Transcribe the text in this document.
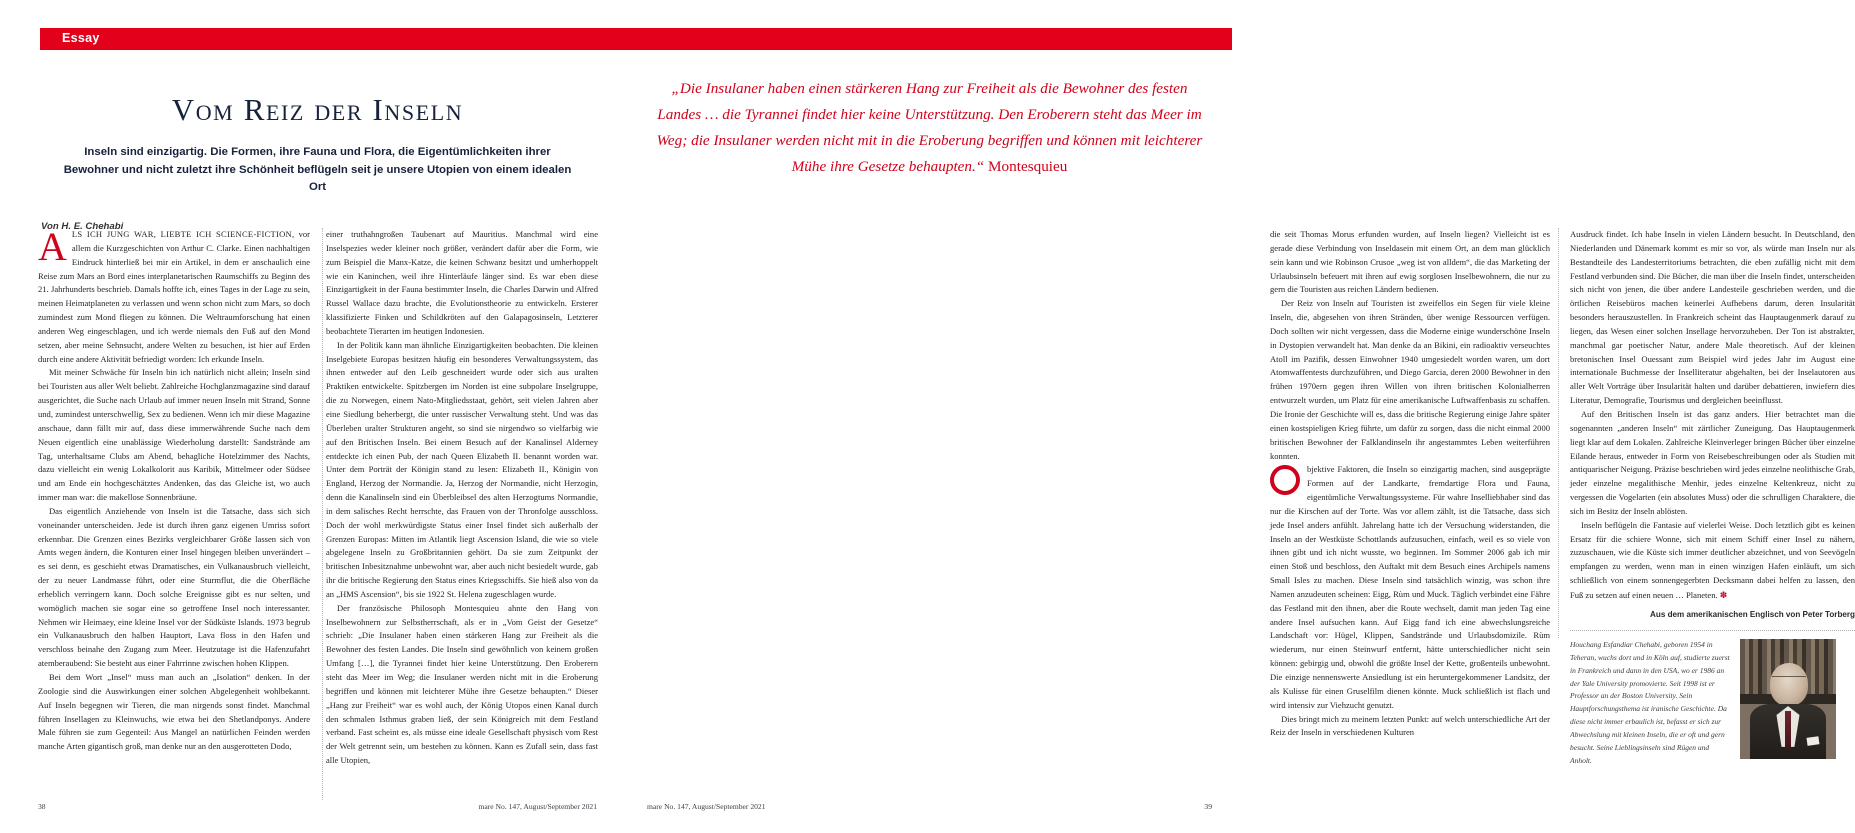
Essay
Vom Reiz der Inseln
Inseln sind einzigartig. Die Formen, ihre Fauna und Flora, die Eigentümlichkeiten ihrer Bewohner und nicht zuletzt ihre Schönheit beflügeln seit je unsere Utopien von einem idealen Ort
Von H. E. Chehabi

ALS ICH JUNG WAR, LIEBTE ICH SCIENCE-FICTION, vor allem die Kurzgeschichten von Arthur C. Clarke. Einen nachhaltigen Eindruck hinterließ bei mir ein Artikel, in dem er anschaulich eine Reise zum Mars an Bord eines interplanetarischen Raumschiffs zu Beginn des 21. Jahrhunderts beschrieb. Damals hoffte ich, eines Tages in der Lage zu sein, meinen Heimatplaneten zu verlassen und wenn schon nicht zum Mars, so doch zumindest zum Mond fliegen zu können. Die Weltraumforschung hat einen anderen Weg eingeschlagen, und ich werde niemals den Fuß auf den Mond setzen, aber meine Sehnsucht, andere Welten zu besuchen, ist hier auf Erden durch eine andere Aktivität befriedigt worden: Ich erkunde Inseln.

Mit meiner Schwäche für Inseln bin ich natürlich nicht allein; Inseln sind bei Touristen aus aller Welt beliebt. Zahlreiche Hochglanzmagazine sind darauf ausgerichtet, die Suche nach Urlaub auf immer neuen Inseln mit Strand, Sonne und, zumindest unterschwellig, Sex zu bedienen. Wenn ich mir diese Magazine anschaue, dann fällt mir auf, dass diese immerwährende Suche nach dem Neuen eigentlich eine unablässige Wiederholung darstellt: Sandstrände am Tag, unterhaltsame Clubs am Abend, behagliche Hotelzimmer des Nachts, dazu vielleicht ein wenig Lokalkolorit aus Karibik, Mittelmeer oder Südsee und am Ende ein hochgeschätztes Andenken, das das Gleiche ist, wo auch immer man war: die makellose Sonnenbräune.

Das eigentlich Anziehende von Inseln ist die Tatsache, dass sich sich voneinander unterscheiden. Jede ist durch ihren ganz eigenen Umriss sofort erkennbar. Die Grenzen eines Bezirks vergleichbarer Größe lassen sich von Amts wegen ändern, die Konturen einer Insel hingegen bleiben unverändert – es sei denn, es geschieht etwas Dramatisches, ein Vulkanausbruch vielleicht, der zu neuer Landmasse führt, oder eine Sturmflut, die die Oberfläche erheblich verringern kann. Doch solche Ereignisse gibt es nur selten, und womöglich machen sie sogar eine so getroffene Insel noch interessanter. Nehmen wir Heimaey, eine kleine Insel vor der Südküste Islands. 1973 begrub ein Vulkanausbruch den halben Hauptort, Lava floss in den Hafen und verschloss beinahe den Zugang zum Meer. Heutzutage ist die Hafenzufahrt atemberaubend: Sie besteht aus einer Fahrrinne zwischen hohen Klippen.

Bei dem Wort „Insel“ muss man auch an „Isolation“ denken. In der Zoologie sind die Auswirkungen einer solchen Abgelegenheit wohlbekannt. Auf Inseln begegnen wir Tieren, die man nirgends sonst findet. Manchmal führen Insellagen zu Kleinwuchs, wie etwa bei den Shetlandponys. Andere Male führen sie zum Gegenteil: Aus Mangel an natürlichen Feinden werden manche Arten gigantisch groß, man denke nur an den ausgerotteten Dodo,

einer truthahngroßen Taubenart auf Mauritius. Manchmal wird eine Inselspezies weder kleiner noch größer, verändert dafür aber die Form, wie zum Beispiel die Manx-Katze, die keinen Schwanz besitzt und umherhoppelt wie ein Kaninchen, weil ihre Hinterläufe länger sind. Es war eben diese Einzigartigkeit in der Fauna bestimmter Inseln, die Charles Darwin und Alfred Russel Wallace dazu brachte, die Evolutionstheorie zu entwickeln. Ersterer klassifizierte Finken und Schildkröten auf den Galapagosinseln, Letzterer beobachtete Tierarten im heutigen Indonesien.

In der Politik kann man ähnliche Einzigartigkeiten beobachten. Die kleinen Inselgebiete Europas besitzen häufig ein besonderes Verwaltungssystem, das ihnen entweder auf den Leib geschneidert wurde oder sich aus uralten Praktiken entwickelte. Spitzbergen im Norden ist eine subpolare Inselgruppe, die zu Norwegen, einem Nato-Mitgliedsstaat, gehört, seit vielen Jahren aber eine Siedlung beherbergt, die unter russischer Verwaltung steht. Und was das Überleben uralter Strukturen angeht, so sind sie nirgendwo so vielfarbig wie auf den Britischen Inseln. Bei einem Besuch auf der Kanalinsel Alderney entdeckte ich einen Pub, der nach Queen Elizabeth II. benannt worden war. Unter dem Porträt der Königin stand zu lesen: Elizabeth II., Königin von England, Herzog der Normandie. Ja, Herzog der Normandie, nicht Herzogin, denn die Kanalinseln sind ein Überbleibsel des alten Herzogtums Normandie, in dem salisches Recht herrschte, das Frauen von der Thronfolge ausschloss. Doch der wohl merkwürdigste Status einer Insel findet sich außerhalb der Grenzen Europas: Mitten im Atlantik liegt Ascension Island, die wie so viele abgelegene Inseln zu Großbritannien gehört. Da sie zum Zeitpunkt der britischen Inbesitznahme unbewohnt war, aber auch nicht besiedelt wurde, gab ihr die britische Regierung den Status eines Kriegsschiffs. Sie hieß also von da an „HMS Ascension“, bis sie 1922 St. Helena zugeschlagen wurde.

Der französische Philosoph Montesquieu ahnte den Hang von Inselbewohnern zur Selbstherrschaft, als er in „Vom Geist der Gesetze“ schrieb: „Die Insulaner haben einen stärkeren Hang zur Freiheit als die Bewohner des festen Landes. Die Inseln sind gewöhnlich von keinem großen Umfang […], die Tyrannei findet hier keine Unterstützung. Den Eroberern steht das Meer im Weg; die Insulaner werden nicht mit in die Eroberung begriffen und können mit leichterer Mühe ihre Gesetze behaupten.“ Dieser „Hang zur Freiheit“ war es wohl auch, der König Utopos einen Kanal durch den schmalen Isthmus graben ließ, der sein Königreich mit dem Festland verband. Fast scheint es, als müsse eine ideale Gesellschaft physisch vom Rest der Welt getrennt sein, um bestehen zu können. Kann es Zufall sein, dass fast alle Utopien,

38	mare No. 147, August/September 2021
„Die Insulaner haben einen stärkeren Hang zur Freiheit als die Bewohner des festen Landes … die Tyrannei findet hier keine Unterstützung. Den Eroberern steht das Meer im Weg; die Insulaner werden nicht mit in die Eroberung begriffen und können mit leichterer Mühe ihre Gesetze behaupten.“ Montesquieu

die seit Thomas Morus erfunden wurden, auf Inseln liegen? Vielleicht ist es gerade diese Verbindung von Inseldasein mit einem Ort, an dem man glücklich sein kann und wie Robinson Crusoe „weg ist von alldem“, die das Marketing der Urlaubsinseln befeuert mit ihren auf ewig sorglosen Inselbewohnern, die nur zu gern die Touristen aus reichen Ländern bedienen.

Der Reiz von Inseln auf Touristen ist zweifellos ein Segen für viele kleine Inseln, die, abgesehen von ihren Stränden, über wenige Ressourcen verfügen. Doch sollten wir nicht vergessen, dass die Moderne einige wunderschöne Inseln in Dystopien verwandelt hat. Man denke da an Bikini, ein radioaktiv verseuchtes Atoll im Pazifik, dessen Einwohner 1940 umgesiedelt worden waren, um dort Atomwaffentests durchzuführen, und Diego Garcia, deren 2000 Bewohner in den frühen 1970ern gegen ihren Willen von ihren britischen Kolonialherren entwurzelt wurden, um Platz für eine amerikanische Luftwaffenbasis zu schaffen. Die Ironie der Geschichte will es, dass die britische Regierung einige Jahre später einen kostspieligen Krieg führte, um dafür zu sorgen, dass die nicht einmal 2000 britischen Bewohner der Falklandinseln ihr angestammtes Leben weiterführen konnten.

bjektive Faktoren, die Inseln so einzigartig machen, sind ausgeprägte Formen auf der Landkarte, fremdartige Flora und Fauna, eigentümliche Verwaltungssysteme. Für wahre Inselliebhaber sind das nur die Kirschen auf der Torte. Was vor allem zählt, ist die Tatsache, dass sich jede Insel anders anfühlt. Jahrelang hatte ich der Versuchung widerstanden, die Inseln an der Westküste Schottlands aufzusuchen, einfach, weil es so viele von ihnen gibt und ich nicht wusste, wo beginnen. Im Sommer 2006 gab ich mir einen Stoß und beschloss, den Auftakt mit dem Besuch eines Archipels namens Small Isles zu machen. Diese Inseln sind tatsächlich winzig, was schon ihre Namen anzudeuten scheinen: Eigg, Rùm und Muck. Täglich verbindet eine Fähre das Festland mit den ihnen, aber die Route wechselt, damit man jeden Tag eine andere Insel aufsuchen kann. Auf Eigg fand ich eine abwechslungsreiche Landschaft vor: Hügel, Klippen, Sandstrände und Urlaubsdomizile. Rùm wiederum, nur einen Steinwurf entfernt, hätte unterschiedlicher nicht sein können: gebirgig und, obwohl die größte Insel der Kette, großenteils unbewohnt. Die einzige nennenswerte Ansiedlung ist ein heruntergekommener Landsitz, der als Kulisse für einen Gruselfilm dienen könnte. Muck schließlich ist flach und wird intensiv zur Viehzucht genutzt.

Dies bringt mich zu meinem letzten Punkt: auf welch unterschiedliche Art der Reiz der Inseln in verschiedenen Kulturen

Ausdruck findet. Ich habe Inseln in vielen Ländern besucht. In Deutschland, den Niederlanden und Dänemark kommt es mir so vor, als würde man Inseln nur als Bestandteile des Landesterritoriums betrachten, die eben zufällig nicht mit dem Festland verbunden sind. Die Bücher, die man über die Inseln findet, unterscheiden sich nicht von jenen, die über andere Landesteile geschrieben werden, und die örtlichen Reisebüros machen keinerlei Aufhebens darum, deren Insularität besonders herauszustellen. In Frankreich scheint das Hauptaugenmerk darauf zu liegen, das Wesen einer solchen Insellage hervorzuheben. Der Ton ist abstrakter, manchmal gar poetischer Natur, andere Male theoretisch. Auf der kleinen bretonischen Insel Ouessant zum Beispiel wird jedes Jahr im August eine internationale Buchmesse der Inselliteratur abgehalten, bei der Inselautoren aus aller Welt Vorträge über Insularität halten und darüber debattieren, inwiefern dies Literatur, Demografie, Tourismus und dergleichen beeinflusst.

Auf den Britischen Inseln ist das ganz anders. Hier betrachtet man die sogenannten „anderen Inseln“ mit zärtlicher Zuneigung. Das Hauptaugenmerk liegt klar auf dem Lokalen. Zahlreiche Kleinverleger bringen Bücher über einzelne Eilande heraus, entweder in Form von Reisebeschreibungen oder als Studien mit antiquarischer Neigung. Präzise beschrieben wird jedes einzelne neolithische Grab, jeder einzelne megalithische Menhir, jedes einzelne Keltenkreuz, nicht zu vergessen die Vogelarten (ein absolutes Muss) oder die schrulligen Charaktere, die sich im Besitz der Inseln ablösten.

Inseln beflügeln die Fantasie auf vielerlei Weise. Doch letztlich gibt es keinen Ersatz für die schiere Wonne, sich mit einem Schiff einer Insel zu nähern, zuzuschauen, wie die Küste sich immer deutlicher abzeichnet, und von Seevögeln empfangen zu werden, wenn man in einen winzigen Hafen einläuft, um sich schließlich von einem sonnengegerbten Decksmann dabei helfen zu lassen, den Fuß zu setzen auf einen neuen … Planeten. ✽

Aus dem amerikanischen Englisch von Peter Torberg
Houchang Esfandiar Chehabi, geboren 1954 in Teheran, wuchs dort und in Köln auf, studierte zuerst in Frankreich und dann in den USA, wo er 1986 an der Yale University promovierte. Seit 1998 ist er Professor an der Boston University. Sein Hauptforschungsthema ist iranische Geschichte. Da diese nicht immer erbaulich ist, befasst er sich zur Abwechslung mit kleinen Inseln, die er oft und gern besucht. Seine Lieblingsinseln sind Rügen und Anholt.
mare No. 147, August/September 2021	39
